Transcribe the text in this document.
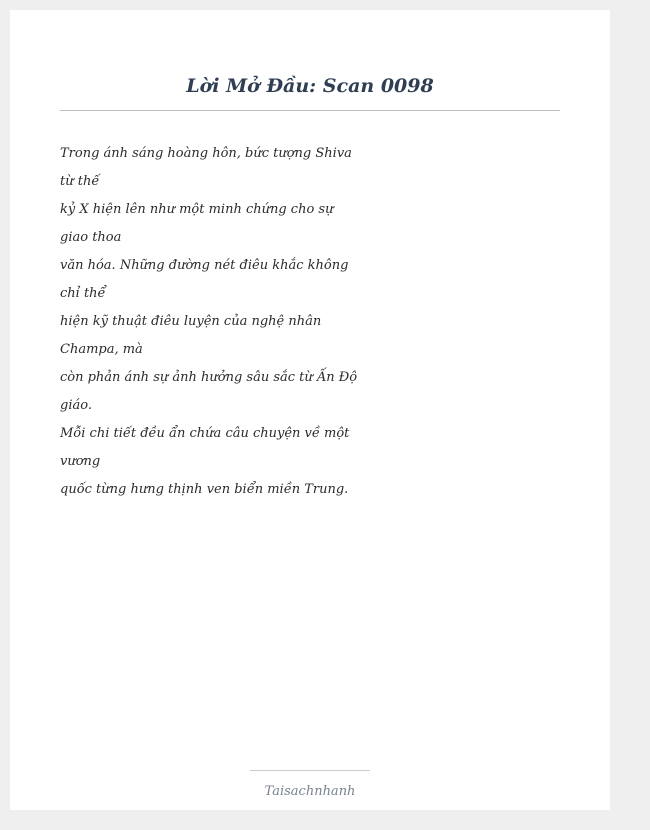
Lời Mở Đầu: Scan 0098
Trong ánh sáng hoàng hôn, bức tượng Shiva từ thế
kỷ X hiện lên như một minh chứng cho sự giao thoa
văn hóa. Những đường nét điêu khắc không chỉ thể
hiện kỹ thuật điêu luyện của nghệ nhân Champa, mà
còn phản ánh sự ảnh hưởng sâu sắc từ Ấn Độ giáo.
Mỗi chi tiết đều ẩn chứa câu chuyện về một vương
quốc từng hưng thịnh ven biển miền Trung.
Taisachnhanh
